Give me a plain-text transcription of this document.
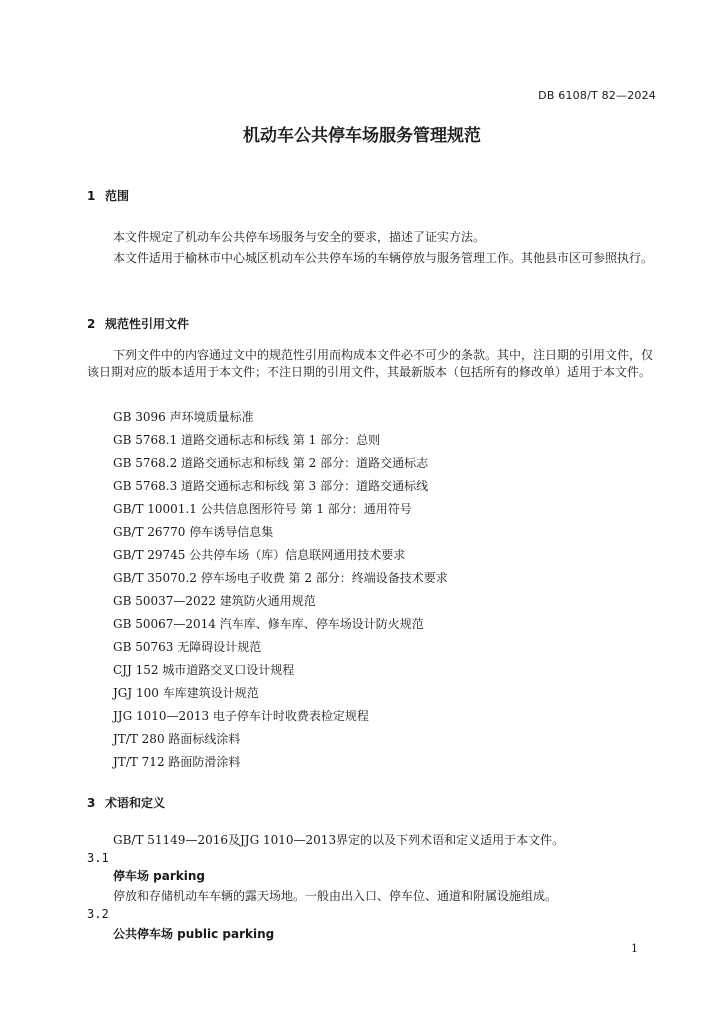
DB 6108/T 82—2024
机动车公共停车场服务管理规范
1 范围
本文件规定了机动车公共停车场服务与安全的要求，描述了证实方法。
本文件适用于榆林市中心城区机动车公共停车场的车辆停放与服务管理工作。其他县市区可参照执行。
2 规范性引用文件
下列文件中的内容通过文中的规范性引用而构成本文件必不可少的条款。其中，注日期的引用文件，仅该日期对应的版本适用于本文件；不注日期的引用文件，其最新版本（包括所有的修改单）适用于本文件。
GB 3096 声环境质量标准
GB 5768.1 道路交通标志和标线 第 1 部分：总则
GB 5768.2 道路交通标志和标线 第 2 部分：道路交通标志
GB 5768.3 道路交通标志和标线 第 3 部分：道路交通标线
GB/T 10001.1 公共信息图形符号 第 1 部分：通用符号
GB/T 26770 停车诱导信息集
GB/T 29745 公共停车场（库）信息联网通用技术要求
GB/T 35070.2 停车场电子收费 第 2 部分：终端设备技术要求
GB 50037—2022 建筑防火通用规范
GB 50067—2014 汽车库、修车库、停车场设计防火规范
GB 50763 无障碍设计规范
CJJ 152 城市道路交叉口设计规程
JGJ 100 车库建筑设计规范
JJG 1010—2013 电子停车计时收费表检定规程
JT/T 280 路面标线涂料
JT/T 712 路面防滑涂料
3 术语和定义
GB/T 51149—2016及JJG 1010—2013界定的以及下列术语和定义适用于本文件。
3.1
停车场 parking
停放和存储机动车车辆的露天场地。一般由出入口、停车位、通道和附属设施组成。
3.2
公共停车场 public parking
1
